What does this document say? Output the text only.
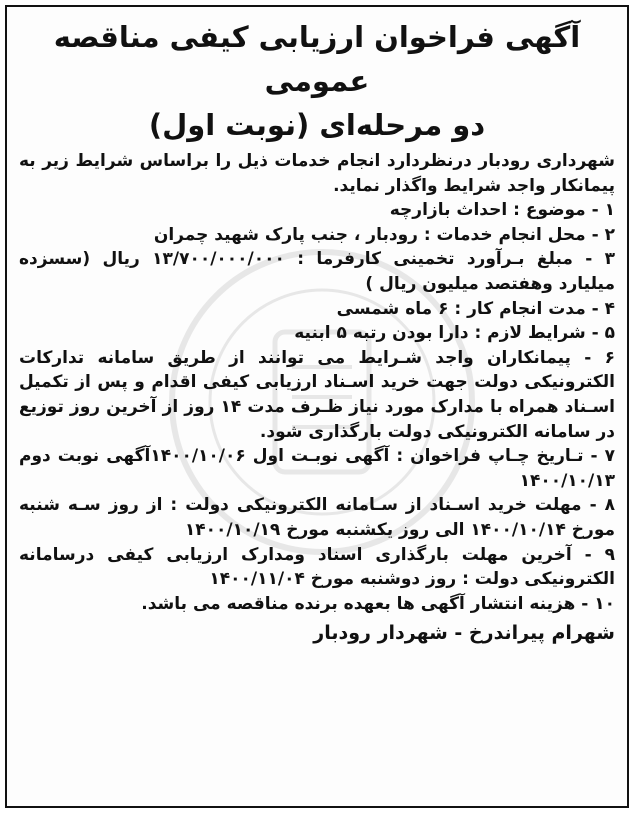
آگهی فراخوان ارزیابی کیفی مناقصه عمومی

دو مرحله‌ای (نوبت اول)

شهرداری رودبار درنظردارد انجام خدمات ذیل را براساس شرایط زیر به پیمانکار واجد شرایط واگذار نماید.

۱ - موضوع : احداث بازارچه

۲ - محل انجام خدمات : رودبار ، جنب پارک شهید چمران

۳ - مبلغ بـرآورد تخمینی کارفرما : ۱۳/۷۰۰/۰۰۰/۰۰۰ ریال (سسزده میلیارد وهفتصد میلیون ریال )

۴ - مدت انجام کار : ۶ ماه شمسی

۵ - شرایط لازم : دارا بودن رتبه ۵ ابنیه

۶ - پیمانکاران واجد شـرایط می توانند از طریق سامانه تدارکات الکترونیکی دولت جهت خرید اسـناد ارزیابی کیفی اقدام و پس از تکمیل اسـناد همراه با مدارک مورد نیاز ظـرف مدت ۱۴ روز از آخرین روز توزیع در سامانه الکترونیکی دولت بارگذاری شود.

۷ - تـاریخ چـاپ فراخوان : آگهی نوبـت اول ۱۴۰۰/۱۰/۰۶آگهی نوبت دوم ۱۴۰۰/۱۰/۱۳

۸ - مهلت خرید اسـناد از سـامانه الکترونیکی دولت : از روز سـه شنبه مورخ ۱۴۰۰/۱۰/۱۴ الی روز یکشنبه مورخ ۱۴۰۰/۱۰/۱۹

۹ - آخرین مهلت بارگذاری اسناد ومدارک ارزیابی کیفی درسامانه الکترونیکی دولت : روز دوشنبه مورخ ۱۴۰۰/۱۱/۰۴

۱۰ - هزینه انتشار آگهی ها بعهده برنده مناقصه می باشد.

شهرام پیراندرخ - شهردار رودبار
